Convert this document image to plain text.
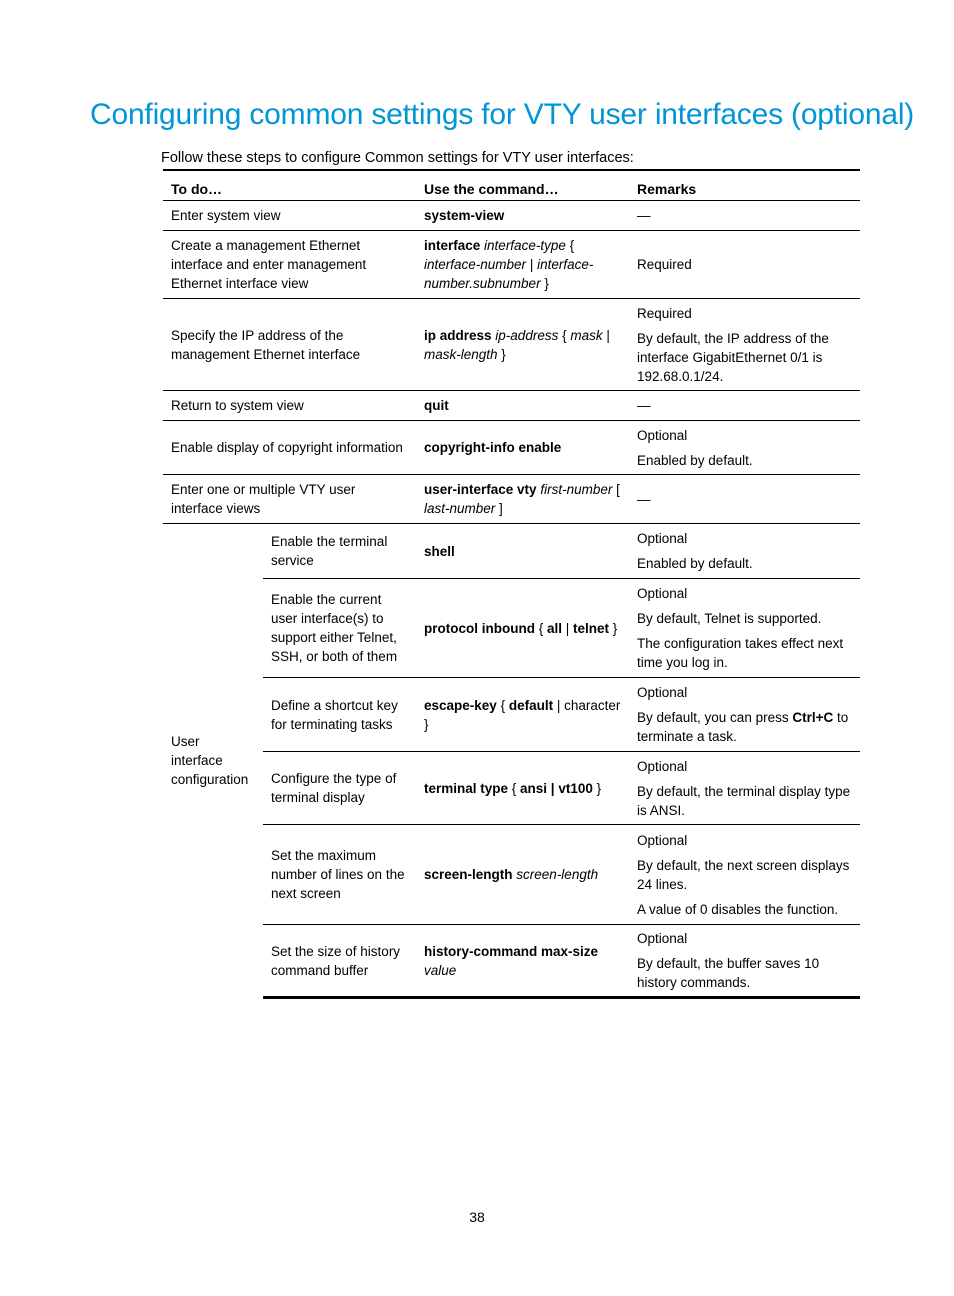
Configuring common settings for VTY user interfaces (optional)

Follow these steps to configure Common settings for VTY user interfaces:

To do…		Use the command…	Remarks
Enter system view		system-view	—

Create a management Ethernet interface and enter management Ethernet interface view		interface interface-type { interface-number | interface-number.subnumber }	Required

Specify the IP address of the management Ethernet interface		ip address ip-address { mask | mask-length }	Required

By default, the IP address of the interface GigabitEthernet 0/1 is 192.68.0.1/24.

Return to system view		quit	—

Enable display of copyright information		copyright-info enable	Optional

Enabled by default.

Enter one or multiple VTY user interface views		user-interface vty first-number [ last-number ]	—

User interface configuration	Enable the terminal service	shell	Optional

Enabled by default.

	Enable the current user interface(s) to support either Telnet, SSH, or both of them	protocol inbound { all | telnet }	Optional

By default, Telnet is supported.

The configuration takes effect next time you log in.

	Define a shortcut key for terminating tasks	escape-key { default | character }	Optional

By default, you can press Ctrl+C to terminate a task.

	Configure the type of terminal display	terminal type { ansi | vt100 }	Optional

By default, the terminal display type is ANSI.

	Set the maximum number of lines on the next screen	screen-length screen-length	Optional

By default, the next screen displays 24 lines.

A value of 0 disables the function.

	Set the size of history command buffer	history-command max-size value	Optional

By default, the buffer saves 10 history commands.

38
